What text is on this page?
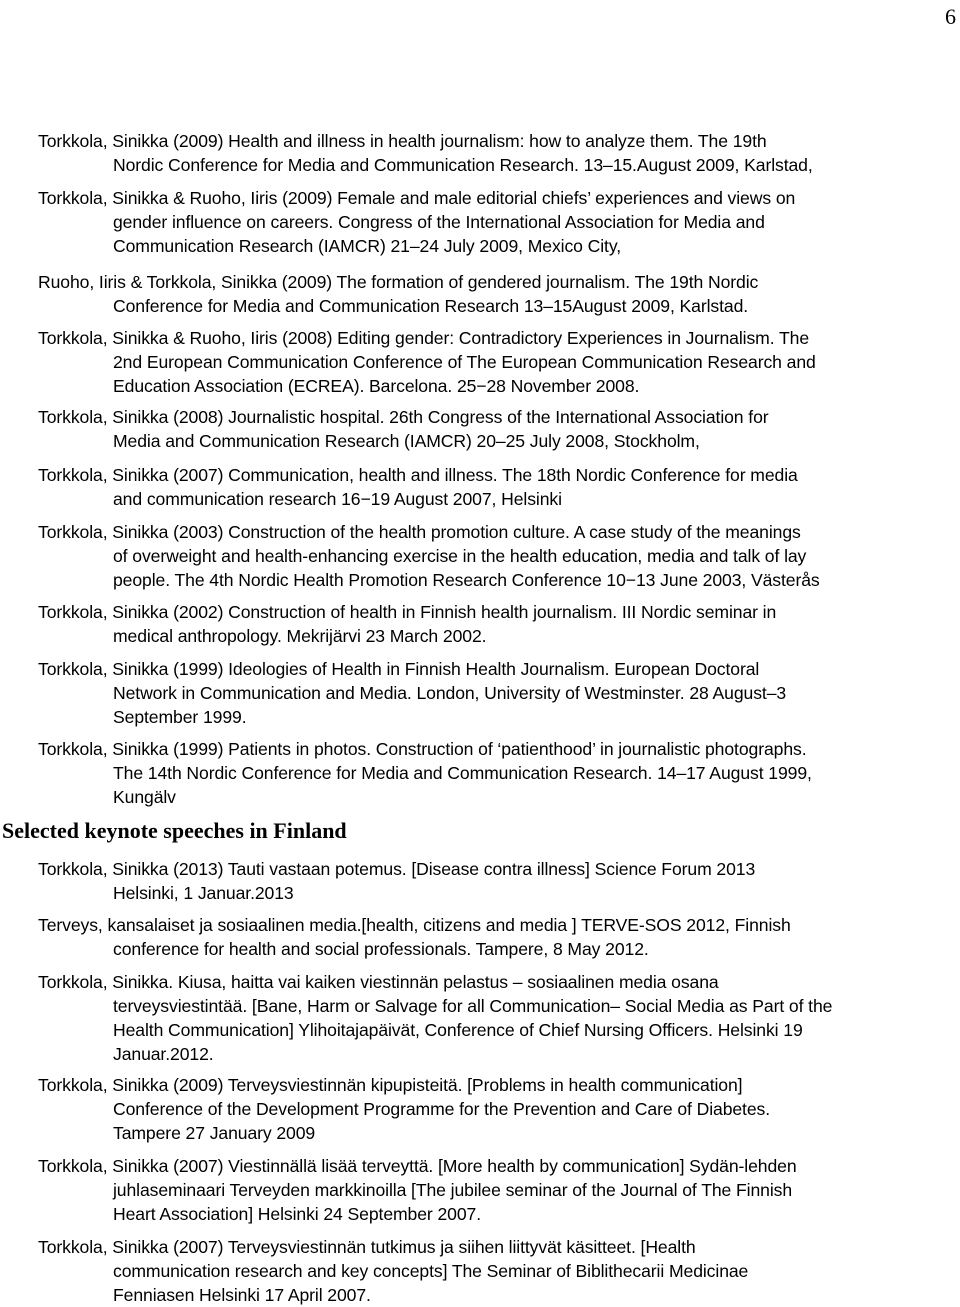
6
Torkkola, Sinikka (2009) Health and illness in health journalism: how to analyze them. The 19th
Nordic Conference for Media and Communication Research. 13–15.August 2009, Karlstad,
Torkkola, Sinikka & Ruoho, Iiris (2009) Female and male editorial chiefs’ experiences and views on
gender influence on careers. Congress of the International Association for Media and
Communication Research (IAMCR) 21–24 July 2009, Mexico City,
Ruoho, Iiris & Torkkola, Sinikka (2009) The formation of gendered journalism. The 19th Nordic
Conference for Media and Communication Research 13–15August 2009, Karlstad.
Torkkola, Sinikka & Ruoho, Iiris (2008) Editing gender: Contradictory Experiences in Journalism. The
2nd European Communication Conference of The European Communication Research and
Education Association (ECREA). Barcelona. 25−28 November 2008.
Torkkola, Sinikka (2008) Journalistic hospital. 26th Congress of the International Association for
Media and Communication Research (IAMCR) 20–25 July 2008, Stockholm,
Torkkola, Sinikka (2007) Communication, health and illness. The 18th Nordic Conference for media
and communication research 16−19 August 2007, Helsinki
Torkkola, Sinikka (2003) Construction of the health promotion culture. A case study of the meanings
of overweight and health-enhancing exercise in the health education, media and talk of lay
people. The 4th Nordic Health Promotion Research Conference 10−13 June 2003, Västerås
Torkkola, Sinikka (2002) Construction of health in Finnish health journalism. III Nordic seminar in
medical anthropology. Mekrijärvi 23 March 2002.
Torkkola, Sinikka (1999) Ideologies of Health in Finnish Health Journalism. European Doctoral
Network in Communication and Media. London, University of Westminster. 28 August–3
September 1999.
Torkkola, Sinikka (1999) Patients in photos. Construction of ‘patienthood’ in journalistic photographs.
The 14th Nordic Conference for Media and Communication Research. 14–17 August 1999,
Kungälv
Selected keynote speeches in Finland
Torkkola, Sinikka (2013) Tauti vastaan potemus. [Disease contra illness] Science Forum 2013
Helsinki, 1 Januar.2013
Terveys, kansalaiset ja sosiaalinen media.[health, citizens and media ] TERVE-SOS 2012, Finnish
conference for health and social professionals. Tampere, 8 May 2012.
Torkkola, Sinikka. Kiusa, haitta vai kaiken viestinnän pelastus – sosiaalinen media osana
terveysviestintää. [Bane, Harm or Salvage for all Communication– Social Media as Part of the
Health Communication] Ylihoitajapäivät, Conference of Chief Nursing Officers. Helsinki 19
Januar.2012.
Torkkola, Sinikka (2009) Terveysviestinnän kipupisteitä. [Problems in health communication]
Conference of the Development Programme for the Prevention and Care of Diabetes.
Tampere 27 January 2009
Torkkola, Sinikka (2007) Viestinnällä lisää terveyttä. [More health by communication] Sydän-lehden
juhlaseminaari Terveyden markkinoilla [The jubilee seminar of the Journal of The Finnish
Heart Association] Helsinki 24 September 2007.
Torkkola, Sinikka (2007) Terveysviestinnän tutkimus ja siihen liittyvät käsitteet. [Health
communication research and key concepts] The Seminar of Biblithecarii Medicinae
Fenniasen Helsinki 17 April 2007.
